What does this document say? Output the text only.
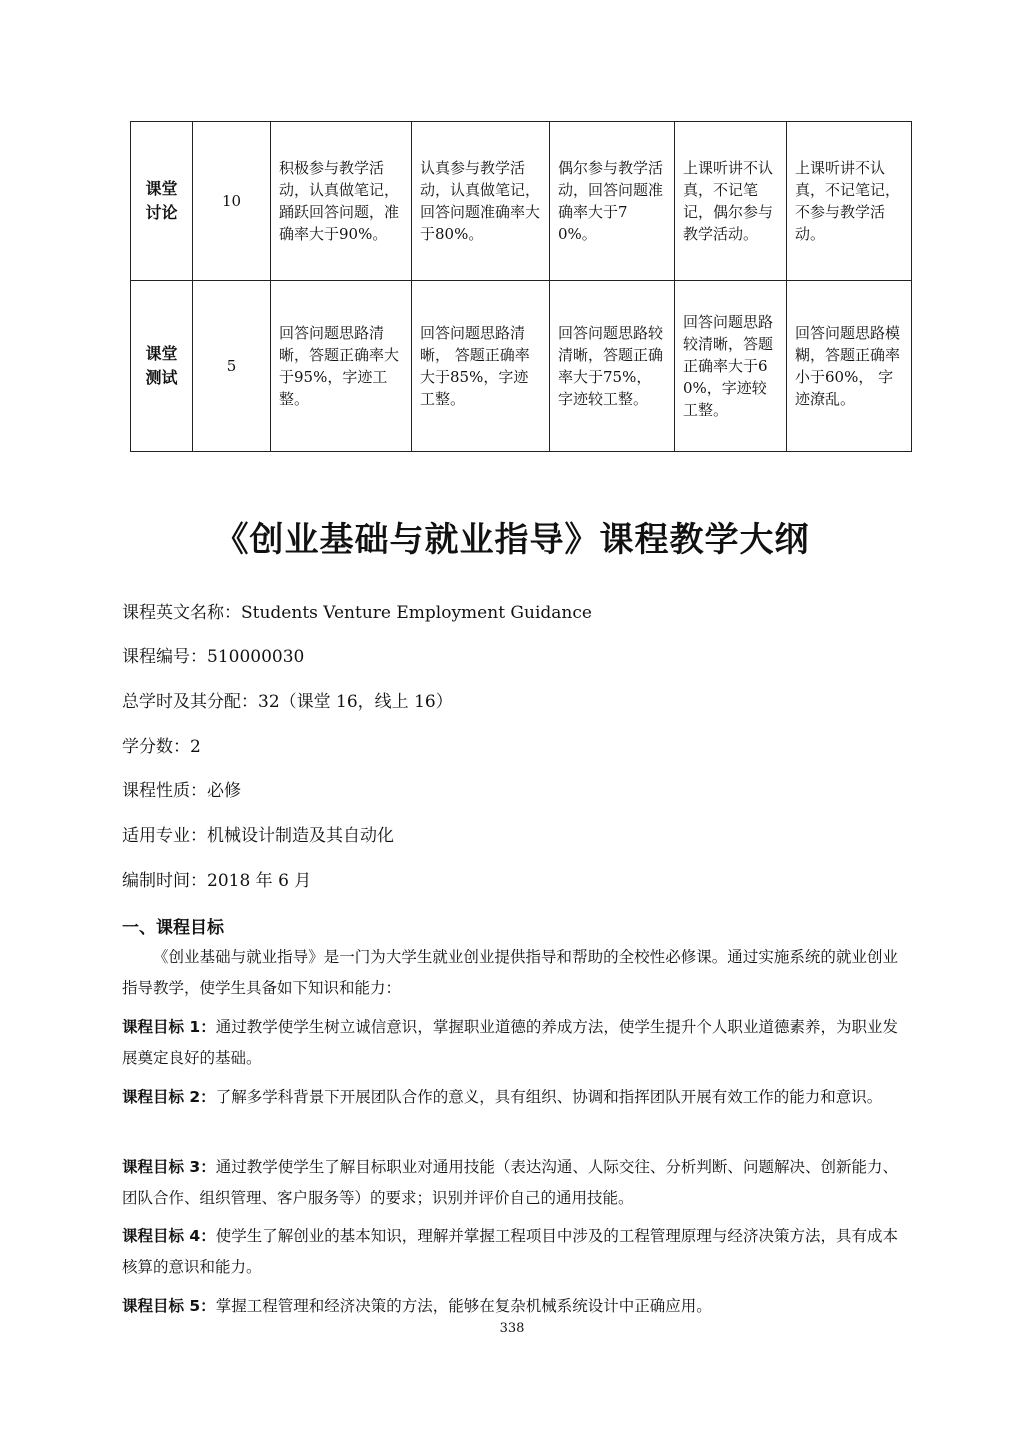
课堂讨论	10	积极参与教学活动，认真做笔记，踊跃回答问题，准确率大于90%。	认真参与教学活动，认真做笔记，回答问题准确率大于80%。	偶尔参与教学活动，回答问题准确率大于70%。	上课听讲不认真，不记笔记，偶尔参与教学活动。	上课听讲不认真，不记笔记，不参与教学活动。
课堂测试	5	回答问题思路清晰，答题正确率大于95%，字迹工整。	回答问题思路清晰， 答题正确率大于85%，字迹工整。	回答问题思路较清晰，答题正确率大于75%，字迹较工整。	回答问题思路较清晰，答题正确率大于60%，字迹较工整。	回答问题思路模糊，答题正确率小于60%， 字迹潦乱。
《创业基础与就业指导》课程教学大纲

课程英文名称：Students Venture Employment Guidance

课程编号：510000030

总学时及其分配：32（课堂 16，线上 16）

学分数：2

课程性质：必修

适用专业：机械设计制造及其自动化

编制时间：2018 年 6 月

一、课程目标

《创业基础与就业指导》是一门为大学生就业创业提供指导和帮助的全校性必修课。通过实施系统的就业创业指导教学，使学生具备如下知识和能力：

课程目标 1：通过教学使学生树立诚信意识，掌握职业道德的养成方法，使学生提升个人职业道德素养，为职业发展奠定良好的基础。

课程目标 2：了解多学科背景下开展团队合作的意义，具有组织、协调和指挥团队开展有效工作的能力和意识。

课程目标 3：通过教学使学生了解目标职业对通用技能（表达沟通、人际交往、分析判断、问题解决、创新能力、团队合作、组织管理、客户服务等）的要求；识别并评价自己的通用技能。

课程目标 4：使学生了解创业的基本知识，理解并掌握工程项目中涉及的工程管理原理与经济决策方法，具有成本核算的意识和能力。

课程目标 5：掌握工程管理和经济决策的方法，能够在复杂机械系统设计中正确应用。

338
